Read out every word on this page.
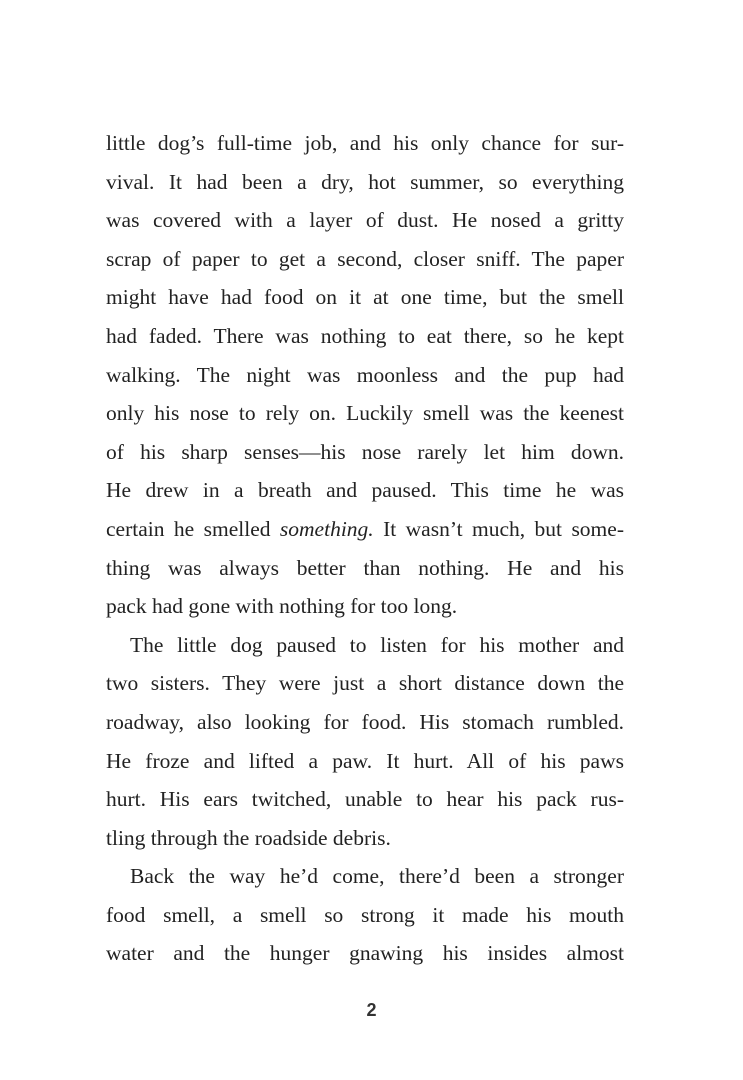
little dog’s full-time job, and his only chance for sur-
vival. It had been a dry, hot summer, so everything
was covered with a layer of dust. He nosed a gritty
scrap of paper to get a second, closer sniff. The paper
might have had food on it at one time, but the smell
had faded. There was nothing to eat there, so he kept
walking. The night was moonless and the pup had
only his nose to rely on. Luckily smell was the keenest
of his sharp senses—his nose rarely let him down.
He drew in a breath and paused. This time he was
certain he smelled something. It wasn’t much, but some-
thing was always better than nothing. He and his
pack had gone with nothing for too long.
The little dog paused to listen for his mother and
two sisters. They were just a short distance down the
roadway, also looking for food. His stomach rumbled.
He froze and lifted a paw. It hurt. All of his paws
hurt. His ears twitched, unable to hear his pack rus-
tling through the roadside debris.
Back the way he’d come, there’d been a stronger
food smell, a smell so strong it made his mouth
water and the hunger gnawing his insides almost
2
